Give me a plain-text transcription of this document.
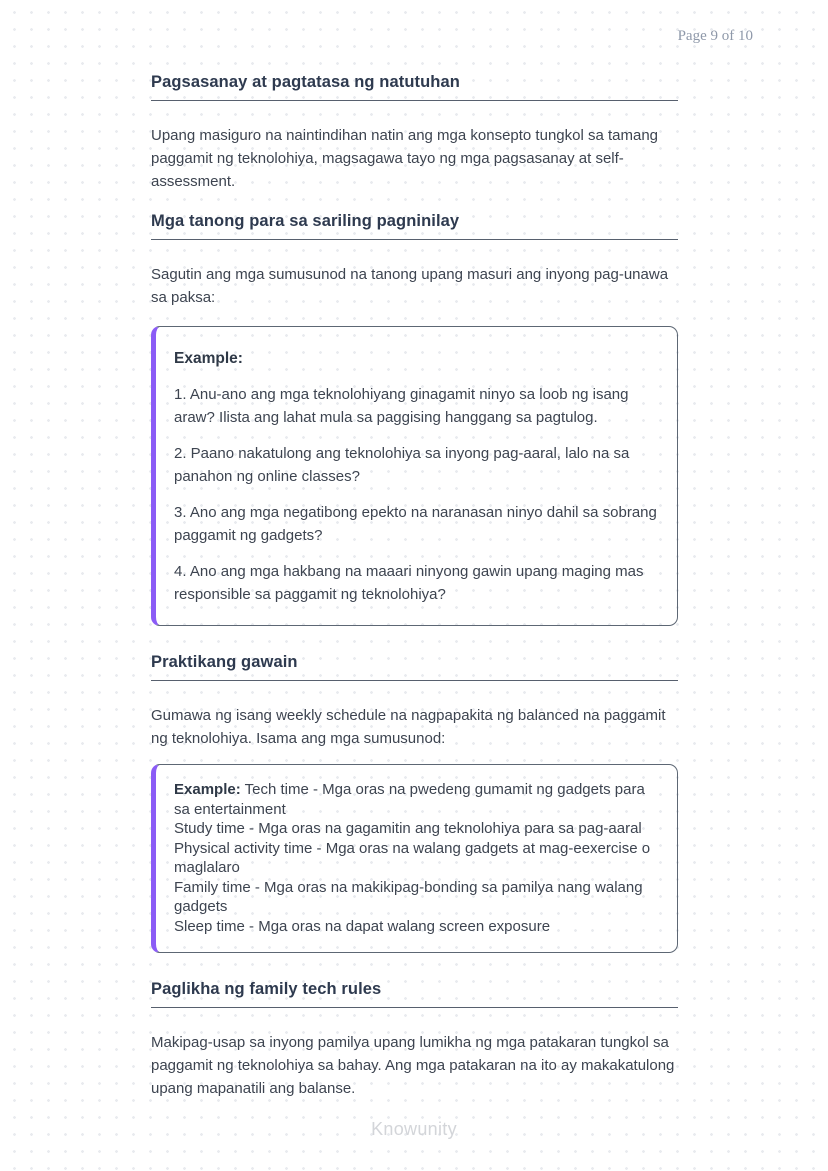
Page 9 of 10
Pagsasanay at pagtatasa ng natutuhan

Upang masiguro na naintindihan natin ang mga konsepto tungkol sa tamang paggamit ng teknolohiya, magsagawa tayo ng mga pagsasanay at self-assessment.

Mga tanong para sa sariling pagninilay

Sagutin ang mga sumusunod na tanong upang masuri ang inyong pag-unawa sa paksa:

Example:

1. Anu-ano ang mga teknolohiyang ginagamit ninyo sa loob ng isang araw? Ilista ang lahat mula sa paggising hanggang sa pagtulog.

2. Paano nakatulong ang teknolohiya sa inyong pag-aaral, lalo na sa panahon ng online classes?

3. Ano ang mga negatibong epekto na naranasan ninyo dahil sa sobrang paggamit ng gadgets?

4. Ano ang mga hakbang na maaari ninyong gawin upang maging mas responsible sa paggamit ng teknolohiya?

Praktikang gawain

Gumawa ng isang weekly schedule na nagpapakita ng balanced na paggamit ng teknolohiya. Isama ang mga sumusunod:

Example: Tech time - Mga oras na pwedeng gumamit ng gadgets para sa entertainment

Study time - Mga oras na gagamitin ang teknolohiya para sa pag-aaral
Physical activity time - Mga oras na walang gadgets at mag-eexercise o maglalaro
Family time - Mga oras na makikipag-bonding sa pamilya nang walang gadgets
Sleep time - Mga oras na dapat walang screen exposure
Paglikha ng family tech rules

Makipag-usap sa inyong pamilya upang lumikha ng mga patakaran tungkol sa paggamit ng teknolohiya sa bahay. Ang mga patakaran na ito ay makakatulong upang mapanatili ang balanse.

Knowunity
